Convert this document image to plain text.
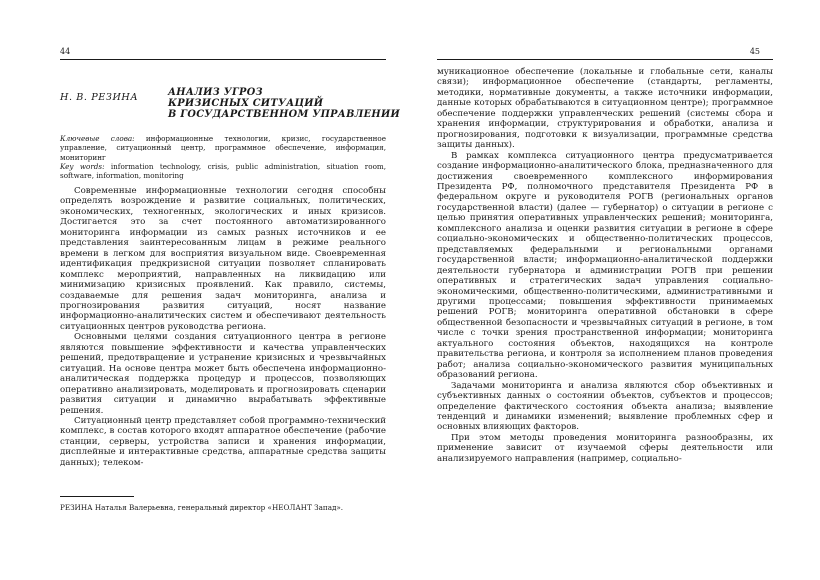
44
Н. В. РЕЗИНА	АНАЛИЗ УГРОЗ
КРИЗИСНЫХ СИТУАЦИЙ
В ГОСУДАРСТВЕННОМ УПРАВЛЕНИИ
Ключевые слова: информационные технологии, кризис, государственное управление, ситуационный центр, программное обеспечение, информация, мониторинг
Key words: information technology, crisis, public administration, situation room, software, information, monitoring

Современные информационные технологии сегодня способны определять возрождение и развитие социальных, политических, экономических, техногенных, экологических и иных кризисов. Достигается это за счет постоянного автоматизированного мониторинга информации из самых разных источников и ее представления заинтересованным лицам в режиме реального времени в легком для восприятия визуальном виде. Своевременная идентификация предкризисной ситуации позволяет спланировать комплекс мероприятий, направленных на ликвидацию или минимизацию кризисных проявлений. Как правило, системы, создаваемые для решения задач мониторинга, анализа и прогнозирования развития ситуаций, носят название информационно-аналитических систем и обеспечивают деятельность ситуационных центров руководства региона.

Основными целями создания ситуационного центра в регионе являются повышение эффективности и качества управленческих решений, предотвращение и устранение кризисных и чрезвычайных ситуаций. На основе центра может быть обеспечена информационно-аналитическая поддержка процедур и процессов, позволяющих оперативно анализировать, моделировать и прогнозировать сценарии развития ситуации и динамично вырабатывать эффективные решения.

Ситуационный центр представляет собой программно-технический комплекс, в состав которого входят аппаратное обеспечение (рабочие станции, серверы, устройства записи и хранения информации, дисплейные и интерактивные средства, аппаратные средства защиты данных); телеком-

РЕЗИНА Наталья Валерьевна, генеральный директор «НЕОЛАНТ Запад».
45

муникационное обеспечение (локальные и глобальные сети, каналы связи); информационное обеспечение (стандарты, регламенты, методики, нормативные документы, а также источники информации, данные которых обрабатываются в ситуационном центре); программное обеспечение поддержки управленческих решений (системы сбора и хранения информации, структурирования и обработки, анализа и прогнозирования, подготовки к визуализации, программные средства защиты данных).

В рамках комплекса ситуационного центра предусматривается создание информационно-аналитического блока, предназначенного для достижения своевременного комплексного информирования Президента РФ, полномочного представителя Президента РФ в федеральном округе и руководителя РОГВ (региональных органов государственной власти) (далее — губернатор) о ситуации в регионе с целью принятия оперативных управленческих решений; мониторинга, комплексного анализа и оценки развития ситуации в регионе в сфере социально-экономических и общественно-политических процессов, представляемых федеральными и региональными органами государственной власти; информационно-аналитической поддержки деятельности губернатора и администрации РОГВ при решении оперативных и стратегических задач управления социально-экономическими, общественно-политическими, административными и другими процессами; повышения эффективности принимаемых решений РОГВ; мониторинга оперативной обстановки в сфере общественной безопасности и чрезвычайных ситуаций в регионе, в том числе с точки зрения пространственной информации; мониторинга актуального состояния объектов, находящихся на контроле правительства региона, и контроля за исполнением планов проведения работ; анализа социально-экономического развития муниципальных образований региона.

Задачами мониторинга и анализа являются сбор объективных и субъективных данных о состоянии объектов, субъектов и процессов; определение фактического состояния объекта анализа; выявление тенденций и динамики изменений; выявление проблемных сфер и основных влияющих факторов.

При этом методы проведения мониторинга разнообразны, их применение зависит от изучаемой сферы деятельности или анализируемого направления (например, социально-
